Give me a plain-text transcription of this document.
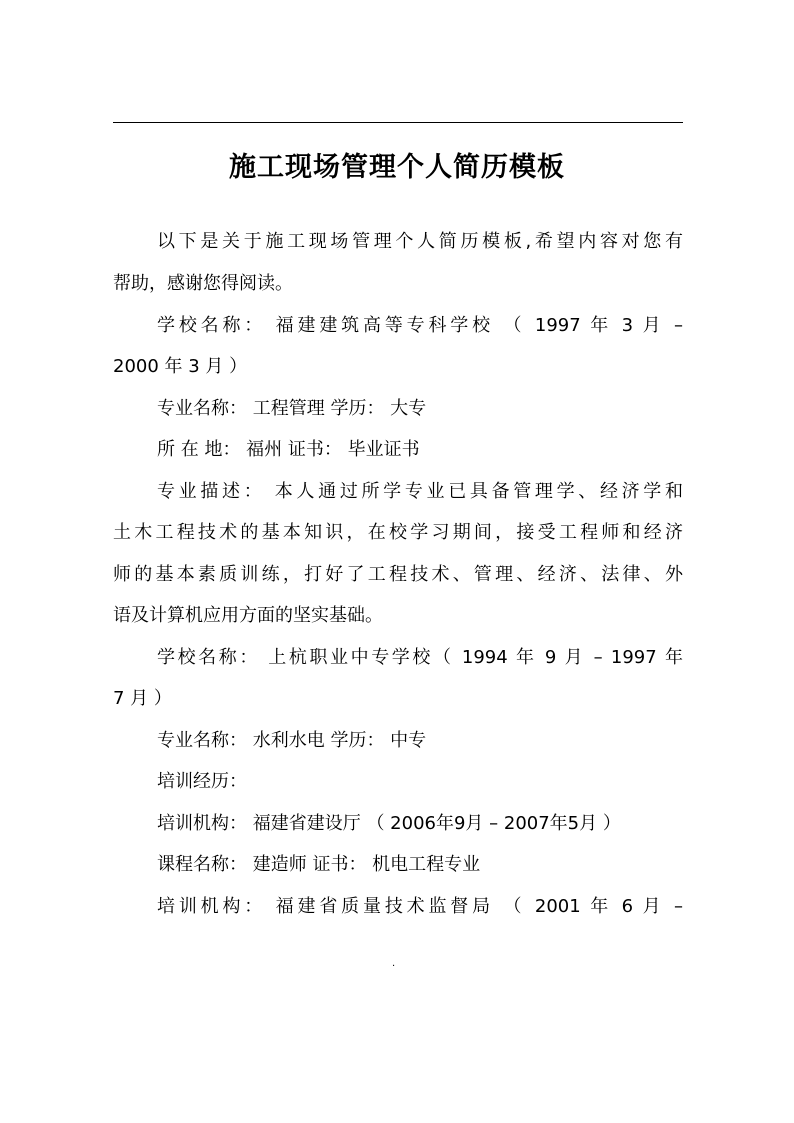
施工现场管理个人简历模板
以下是关于施工现场管理个人简历模板,希望内容对您有
帮助，感谢您得阅读。
学校名称： 福建建筑高等专科学校 （ 1997 年 3 月 –
2000 年 3 月 ）
专业名称： 工程管理 学历： 大专
所 在 地： 福州 证书： 毕业证书
专业描述： 本人通过所学专业已具备管理学、经济学和
土木工程技术的基本知识，在校学习期间，接受工程师和经济
师的基本素质训练，打好了工程技术、管理、经济、法律、外
语及计算机应用方面的坚实基础。
学校名称： 上杭职业中专学校（ 1994 年 9 月 – 1997 年
7 月 ）
专业名称： 水利水电 学历： 中专
培训经历：
培训机构： 福建省建设厅 （ 2006年9月 – 2007年5月 ）
课程名称： 建造师 证书： 机电工程专业
培训机构： 福建省质量技术监督局 （ 2001 年 6 月 –
.
